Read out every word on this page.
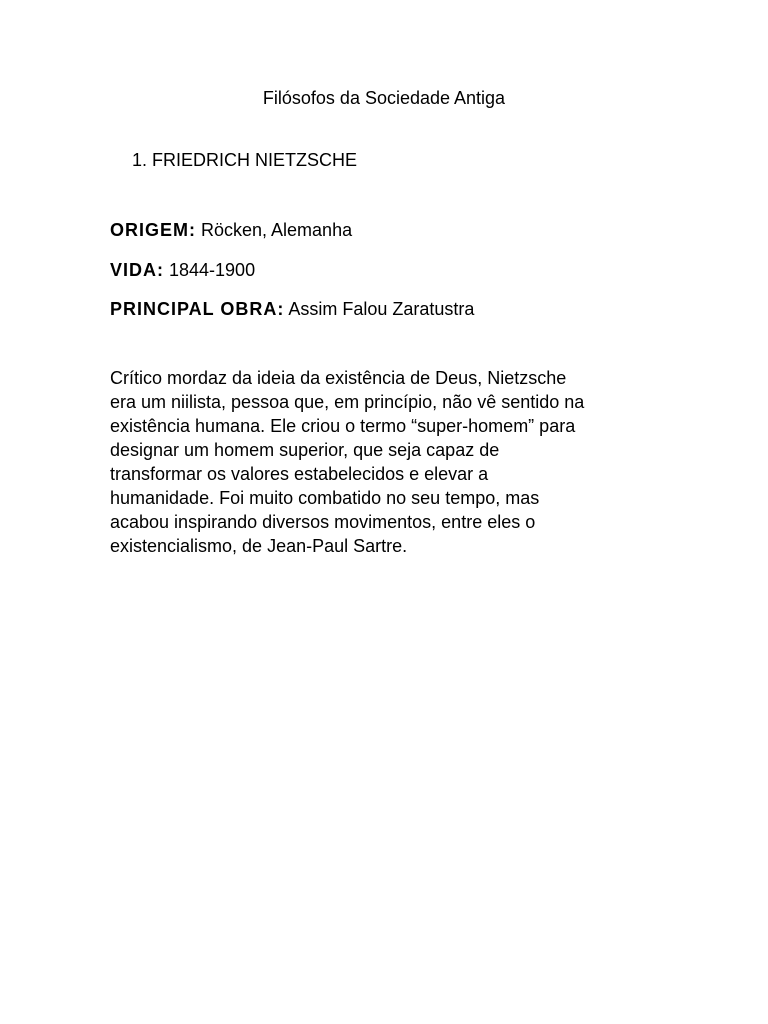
Filósofos da Sociedade Antiga
1. FRIEDRICH NIETZSCHE
ORIGEM: Röcken, Alemanha
VIDA: 1844-1900
PRINCIPAL OBRA: Assim Falou Zaratustra
Crítico mordaz da ideia da existência de Deus, Nietzsche
era um niilista, pessoa que, em princípio, não vê sentido na
existência humana. Ele criou o termo “super-homem” para
designar um homem superior, que seja capaz de
transformar os valores estabelecidos e elevar a
humanidade. Foi muito combatido no seu tempo, mas
acabou inspirando diversos movimentos, entre eles o
existencialismo, de Jean-Paul Sartre.
